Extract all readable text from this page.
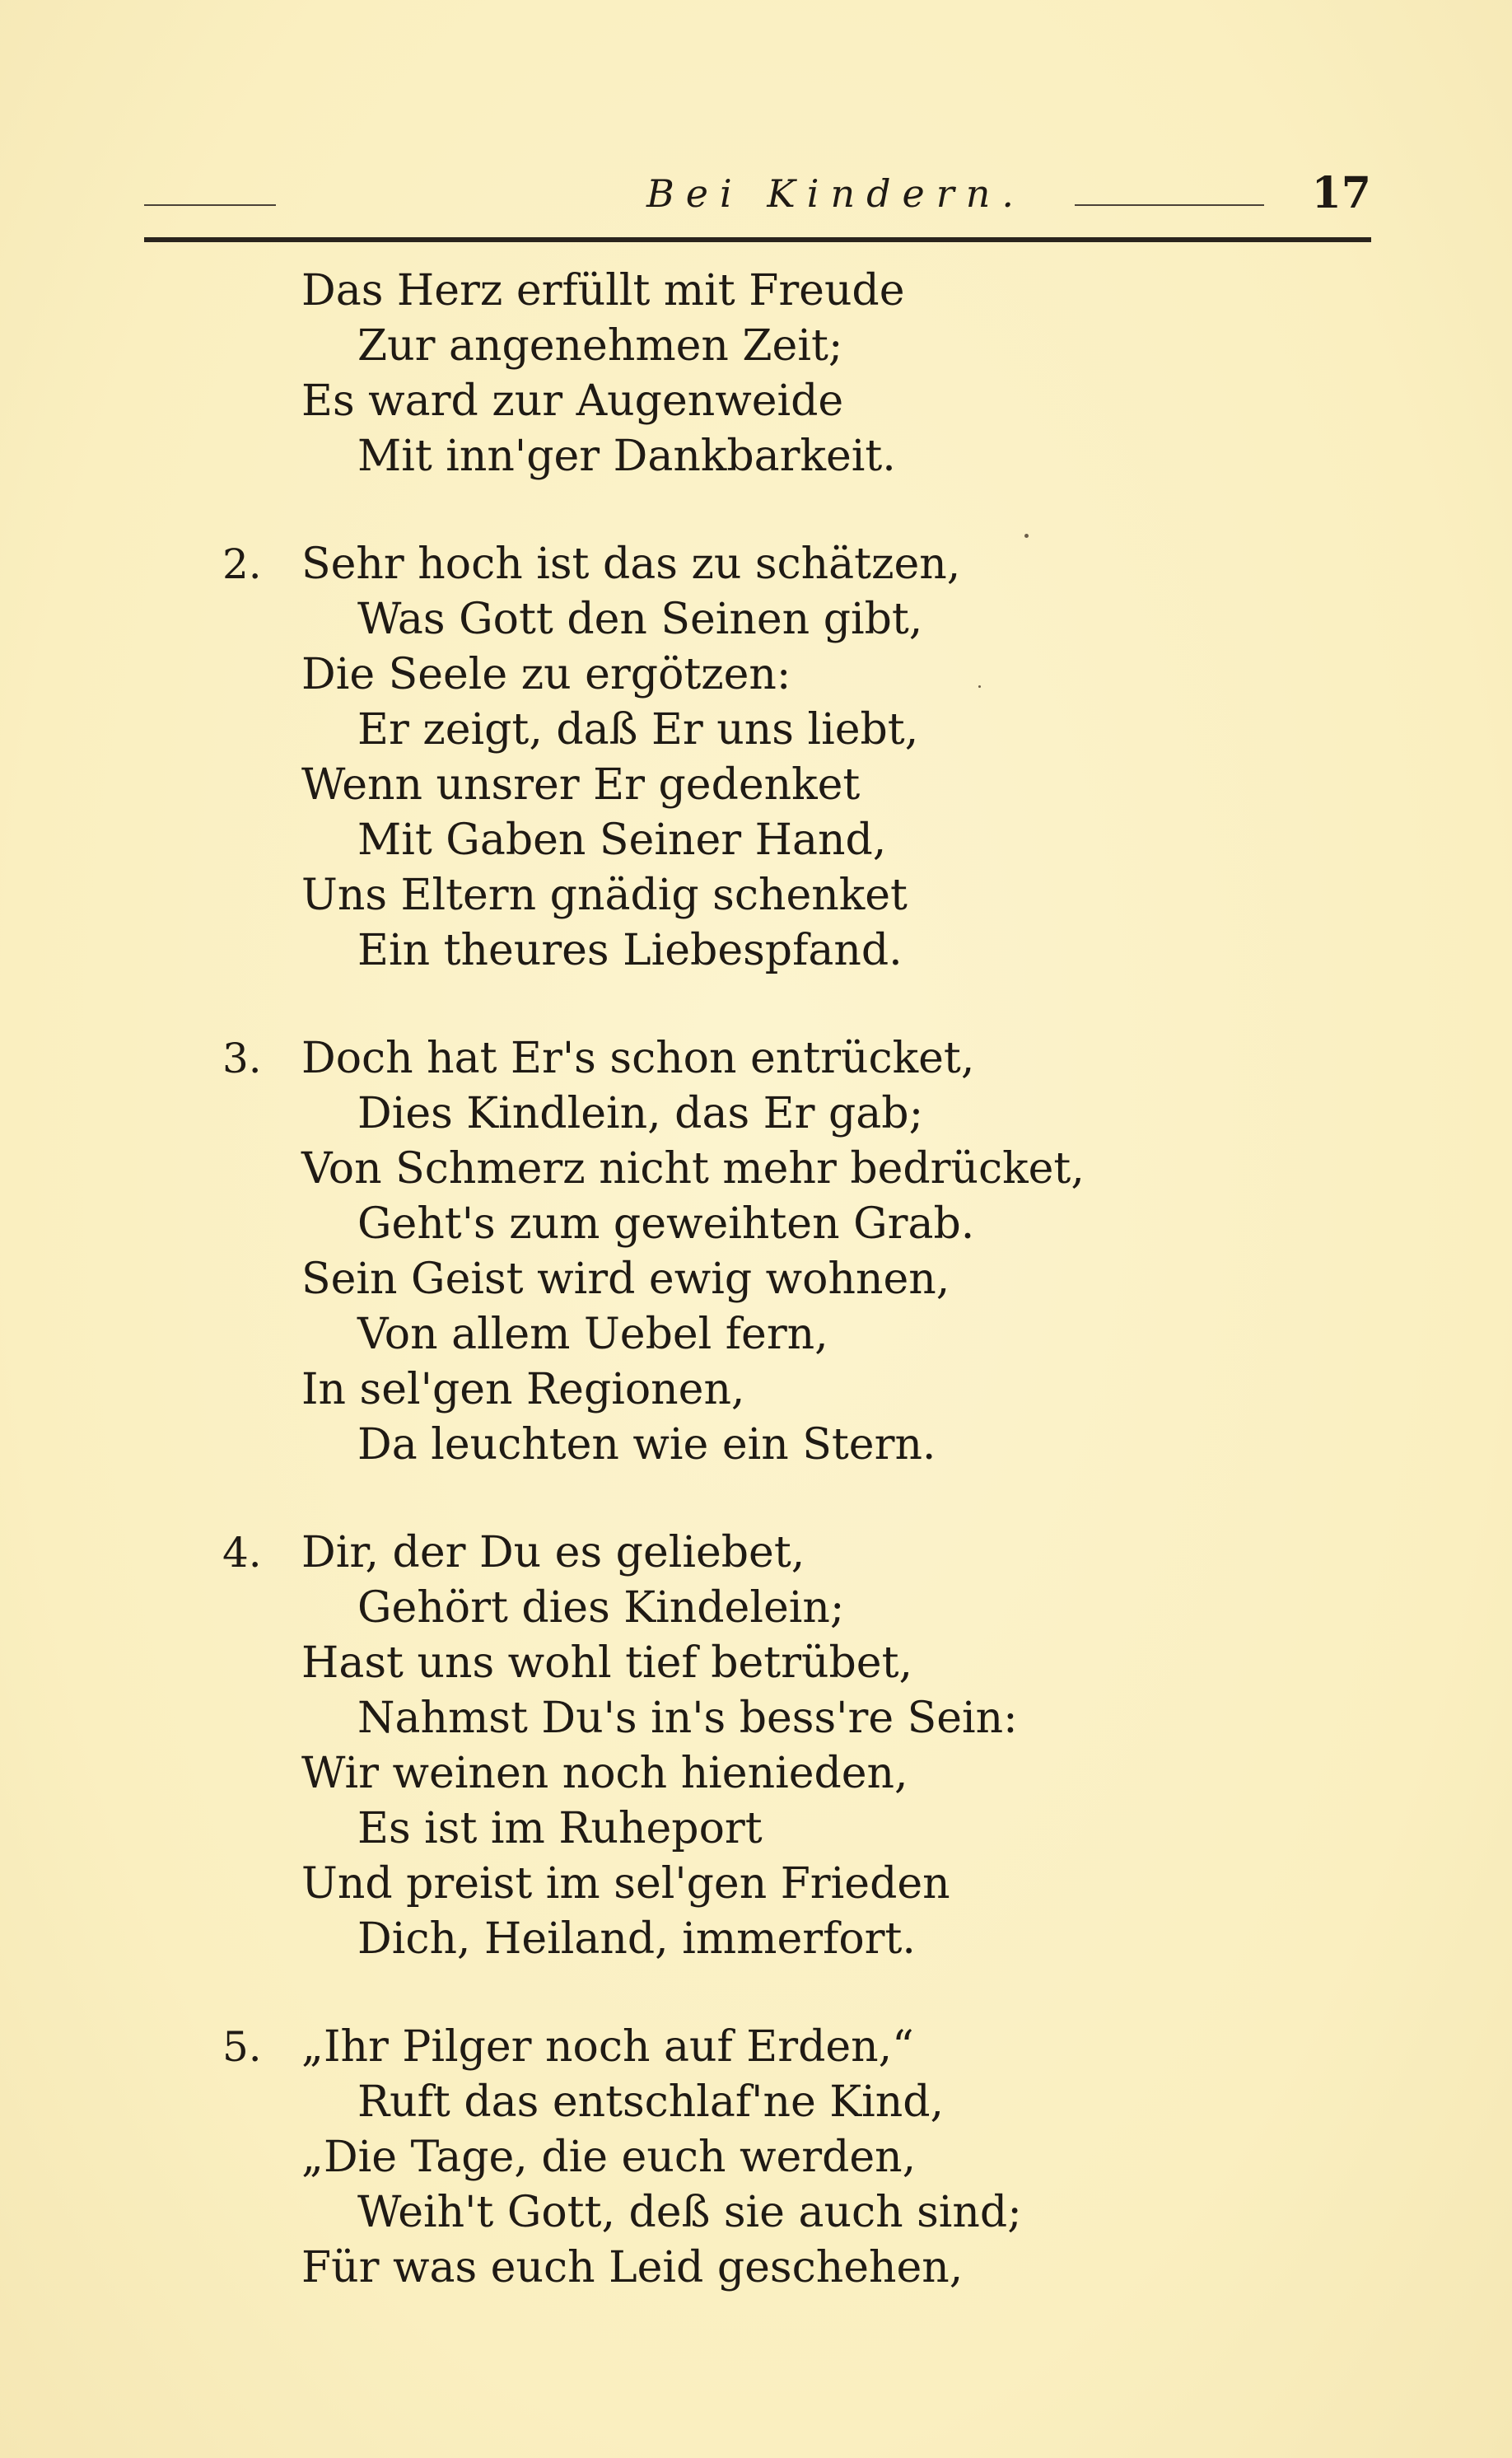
Bei Kindern.	17
Das Herz erfüllt mit Freude
Zur angenehmen Zeit;
Es ward zur Augenweide
Mit inn'ger Dankbarkeit.
2. Sehr hoch ist das zu schätzen,
Was Gott den Seinen gibt,
Die Seele zu ergötzen:
Er zeigt, daß Er uns liebt,
Wenn unsrer Er gedenket
Mit Gaben Seiner Hand,
Uns Eltern gnädig schenket
Ein theures Liebespfand.
3. Doch hat Er's schon entrücket,
Dies Kindlein, das Er gab;
Von Schmerz nicht mehr bedrücket,
Geht's zum geweihten Grab.
Sein Geist wird ewig wohnen,
Von allem Uebel fern,
In sel'gen Regionen,
Da leuchten wie ein Stern.
4. Dir, der Du es geliebet,
Gehört dies Kindelein;
Hast uns wohl tief betrübet,
Nahmst Du's in's bess're Sein:
Wir weinen noch hienieden,
Es ist im Ruheport
Und preist im sel'gen Frieden
Dich, Heiland, immerfort.
5. „Ihr Pilger noch auf Erden,“
Ruft das entschlaf'ne Kind,
„Die Tage, die euch werden,
Weih't Gott, deß sie auch sind;
Für was euch Leid geschehen,
